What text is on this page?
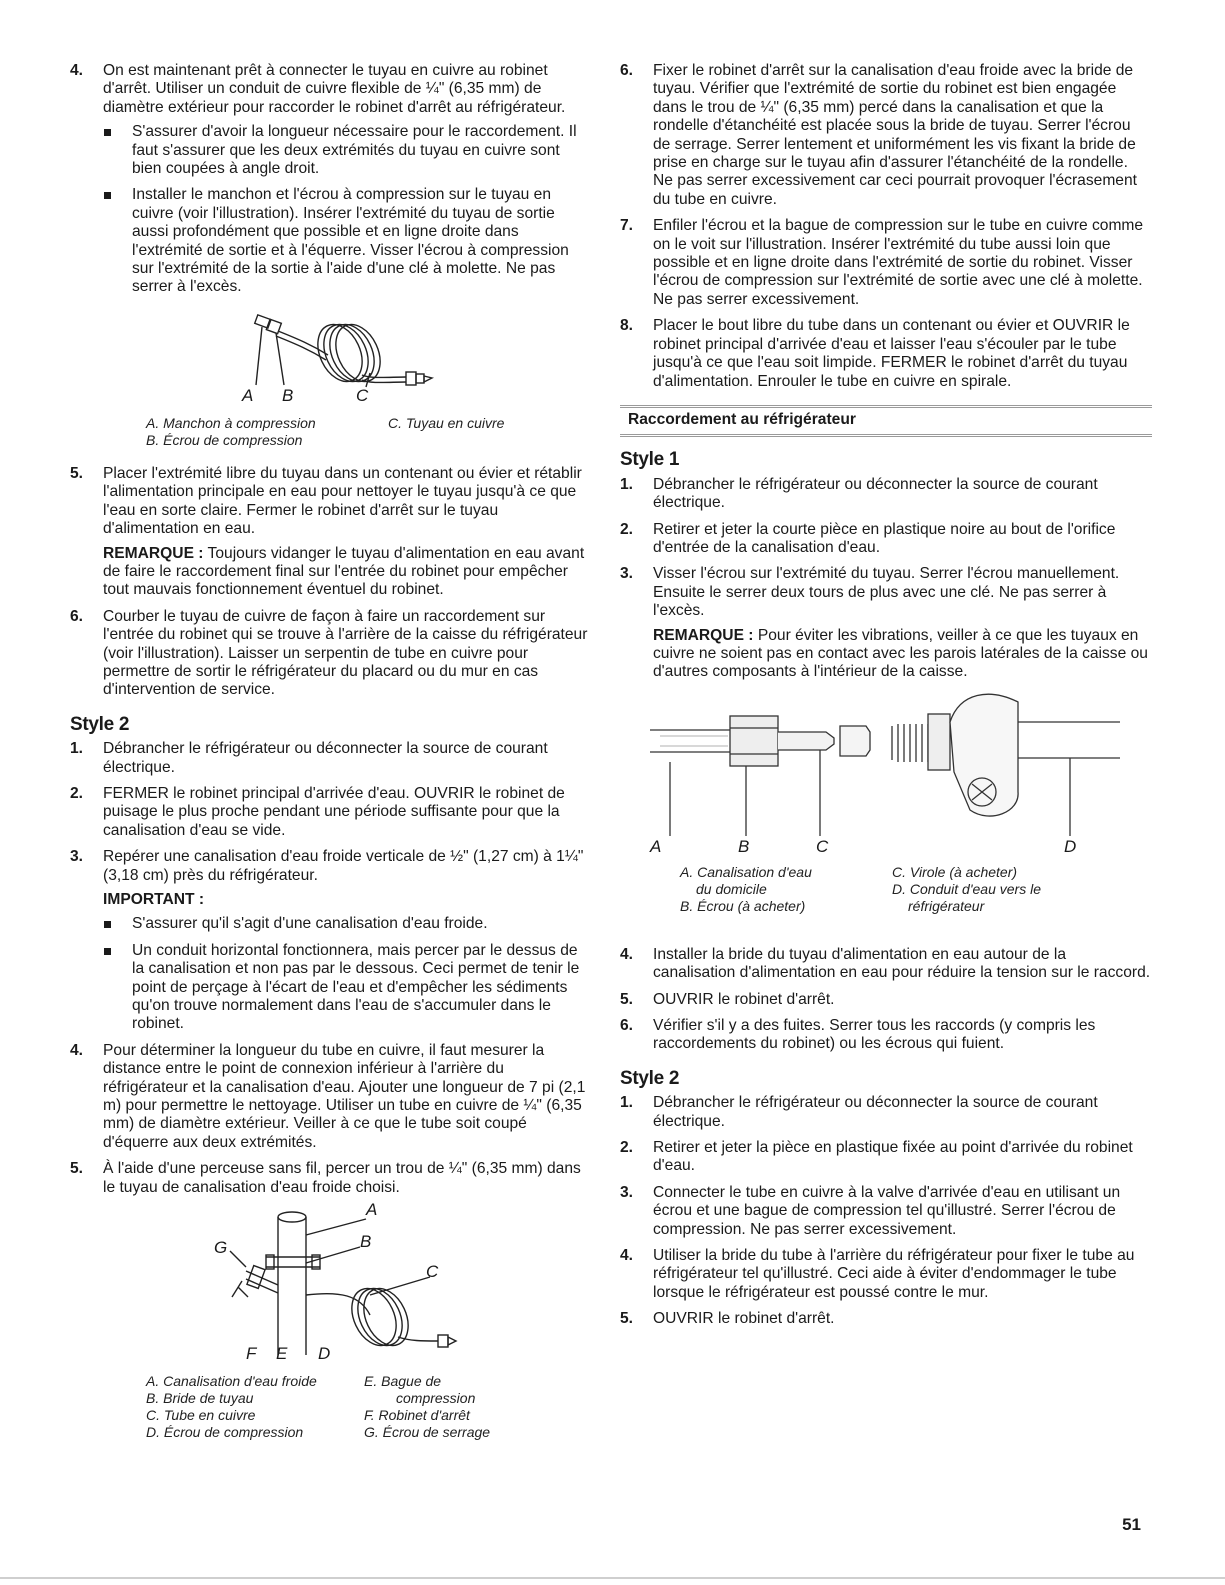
4. On est maintenant prêt à connecter le tuyau en cuivre au robinet d'arrêt. Utiliser un conduit de cuivre flexible de ¼" (6,35 mm) de diamètre extérieur pour raccorder le robinet d'arrêt au réfrigérateur.
S'assurer d'avoir la longueur nécessaire pour le raccordement. Il faut s'assurer que les deux extrémités du tuyau en cuivre sont bien coupées à angle droit.
Installer le manchon et l'écrou à compression sur le tuyau en cuivre (voir l'illustration). Insérer l'extrémité du tuyau de sortie aussi profondément que possible et en ligne droite dans l'extrémité de sortie et à l'équerre. Visser l'écrou à compression sur l'extrémité de la sortie à l'aide d'une clé à molette. Ne pas serrer à l'excès.
A B	C
A. Manchon à compression	C. Tuyau en cuivre
B. Écrou de compression
5. Placer l'extrémité libre du tuyau dans un contenant ou évier et rétablir l'alimentation principale en eau pour nettoyer le tuyau jusqu'à ce que l'eau en sorte claire. Fermer le robinet d'arrêt sur le tuyau d'alimentation en eau.

REMARQUE : Toujours vidanger le tuyau d'alimentation en eau avant de faire le raccordement final sur l'entrée du robinet pour empêcher tout mauvais fonctionnement éventuel du robinet.

6. Courber le tuyau de cuivre de façon à faire un raccordement sur l'entrée du robinet qui se trouve à l'arrière de la caisse du réfrigérateur (voir l'illustration). Laisser un serpentin de tube en cuivre pour permettre de sortir le réfrigérateur du placard ou du mur en cas d'intervention de service.
Style 2
1. Débrancher le réfrigérateur ou déconnecter la source de courant électrique.
2. FERMER le robinet principal d'arrivée d'eau. OUVRIR le robinet de puisage le plus proche pendant une période suffisante pour que la canalisation d'eau se vide.
3. Repérer une canalisation d'eau froide verticale de ½" (1,27 cm) à 1¼" (3,18 cm) près du réfrigérateur.

IMPORTANT :

S'assurer qu'il s'agit d'une canalisation d'eau froide.
Un conduit horizontal fonctionnera, mais percer par le dessus de la canalisation et non pas par le dessous. Ceci permet de tenir le point de perçage à l'écart de l'eau et d'empêcher les sédiments qu'on trouve normalement dans l'eau de s'accumuler dans le robinet.
4. Pour déterminer la longueur du tube en cuivre, il faut mesurer la distance entre le point de connexion inférieur à l'arrière du réfrigérateur et la canalisation d'eau. Ajouter une longueur de 7 pi (2,1 m) pour permettre le nettoyage. Utiliser un tube en cuivre de ¼" (6,35 mm) de diamètre extérieur. Veiller à ce que le tube soit coupé d'équerre aux deux extrémités.
5. À l'aide d'une perceuse sans fil, percer un trou de ¼" (6,35 mm) dans le tuyau de canalisation d'eau froide choisi.
A
B
C
D
E
F
G
A. Canalisation d'eau froide
B. Bride de tuyau
C. Tube en cuivre
D. Écrou de compression
E. Bague de
compression
F. Robinet d'arrêt
G. Écrou de serrage
6. Fixer le robinet d'arrêt sur la canalisation d'eau froide avec la bride de tuyau. Vérifier que l'extrémité de sortie du robinet est bien engagée dans le trou de ¼" (6,35 mm) percé dans la canalisation et que la rondelle d'étanchéité est placée sous la bride de tuyau. Serrer l'écrou de serrage. Serrer lentement et uniformément les vis fixant la bride de prise en charge sur le tuyau afin d'assurer l'étanchéité de la rondelle. Ne pas serrer excessivement car ceci pourrait provoquer l'écrasement du tube en cuivre.
7. Enfiler l'écrou et la bague de compression sur le tube en cuivre comme on le voit sur l'illustration. Insérer l'extrémité du tube aussi loin que possible et en ligne droite dans l'extrémité de sortie du robinet. Visser l'écrou de compression sur l'extrémité de sortie avec une clé à molette. Ne pas serrer excessivement.
8. Placer le bout libre du tube dans un contenant ou évier et OUVRIR le robinet principal d'arrivée d'eau et laisser l'eau s'écouler par le tube jusqu'à ce que l'eau soit limpide. FERMER le robinet d'arrêt du tuyau d'alimentation. Enrouler le tube en cuivre en spirale.
Raccordement au réfrigérateur
Style 1
1. Débrancher le réfrigérateur ou déconnecter la source de courant électrique.
2. Retirer et jeter la courte pièce en plastique noire au bout de l'orifice d'entrée de la canalisation d'eau.
3. Visser l'écrou sur l'extrémité du tuyau. Serrer l'écrou manuellement. Ensuite le serrer deux tours de plus avec une clé. Ne pas serrer à l'excès.

REMARQUE : Pour éviter les vibrations, veiller à ce que les tuyaux en cuivre ne soient pas en contact avec les parois latérales de la caisse ou d'autres composants à l'intérieur de la caisse.

A	B	C	D
A. Canalisation d'eau
du domicile
B. Écrou (à acheter)
C. Virole (à acheter)
D. Conduit d'eau vers le
réfrigérateur
4. Installer la bride du tuyau d'alimentation en eau autour de la canalisation d'alimentation en eau pour réduire la tension sur le raccord.
5. OUVRIR le robinet d'arrêt.
6. Vérifier s'il y a des fuites. Serrer tous les raccords (y compris les raccordements du robinet) ou les écrous qui fuient.
Style 2
1. Débrancher le réfrigérateur ou déconnecter la source de courant électrique.
2. Retirer et jeter la pièce en plastique fixée au point d'arrivée du robinet d'eau.
3. Connecter le tube en cuivre à la valve d'arrivée d'eau en utilisant un écrou et une bague de compression tel qu'illustré. Serrer l'écrou de compression. Ne pas serrer excessivement.
4. Utiliser la bride du tube à l'arrière du réfrigérateur pour fixer le tube au réfrigérateur tel qu'illustré. Ceci aide à éviter d'endommager le tube lorsque le réfrigérateur est poussé contre le mur.
5. OUVRIR le robinet d'arrêt.
51
